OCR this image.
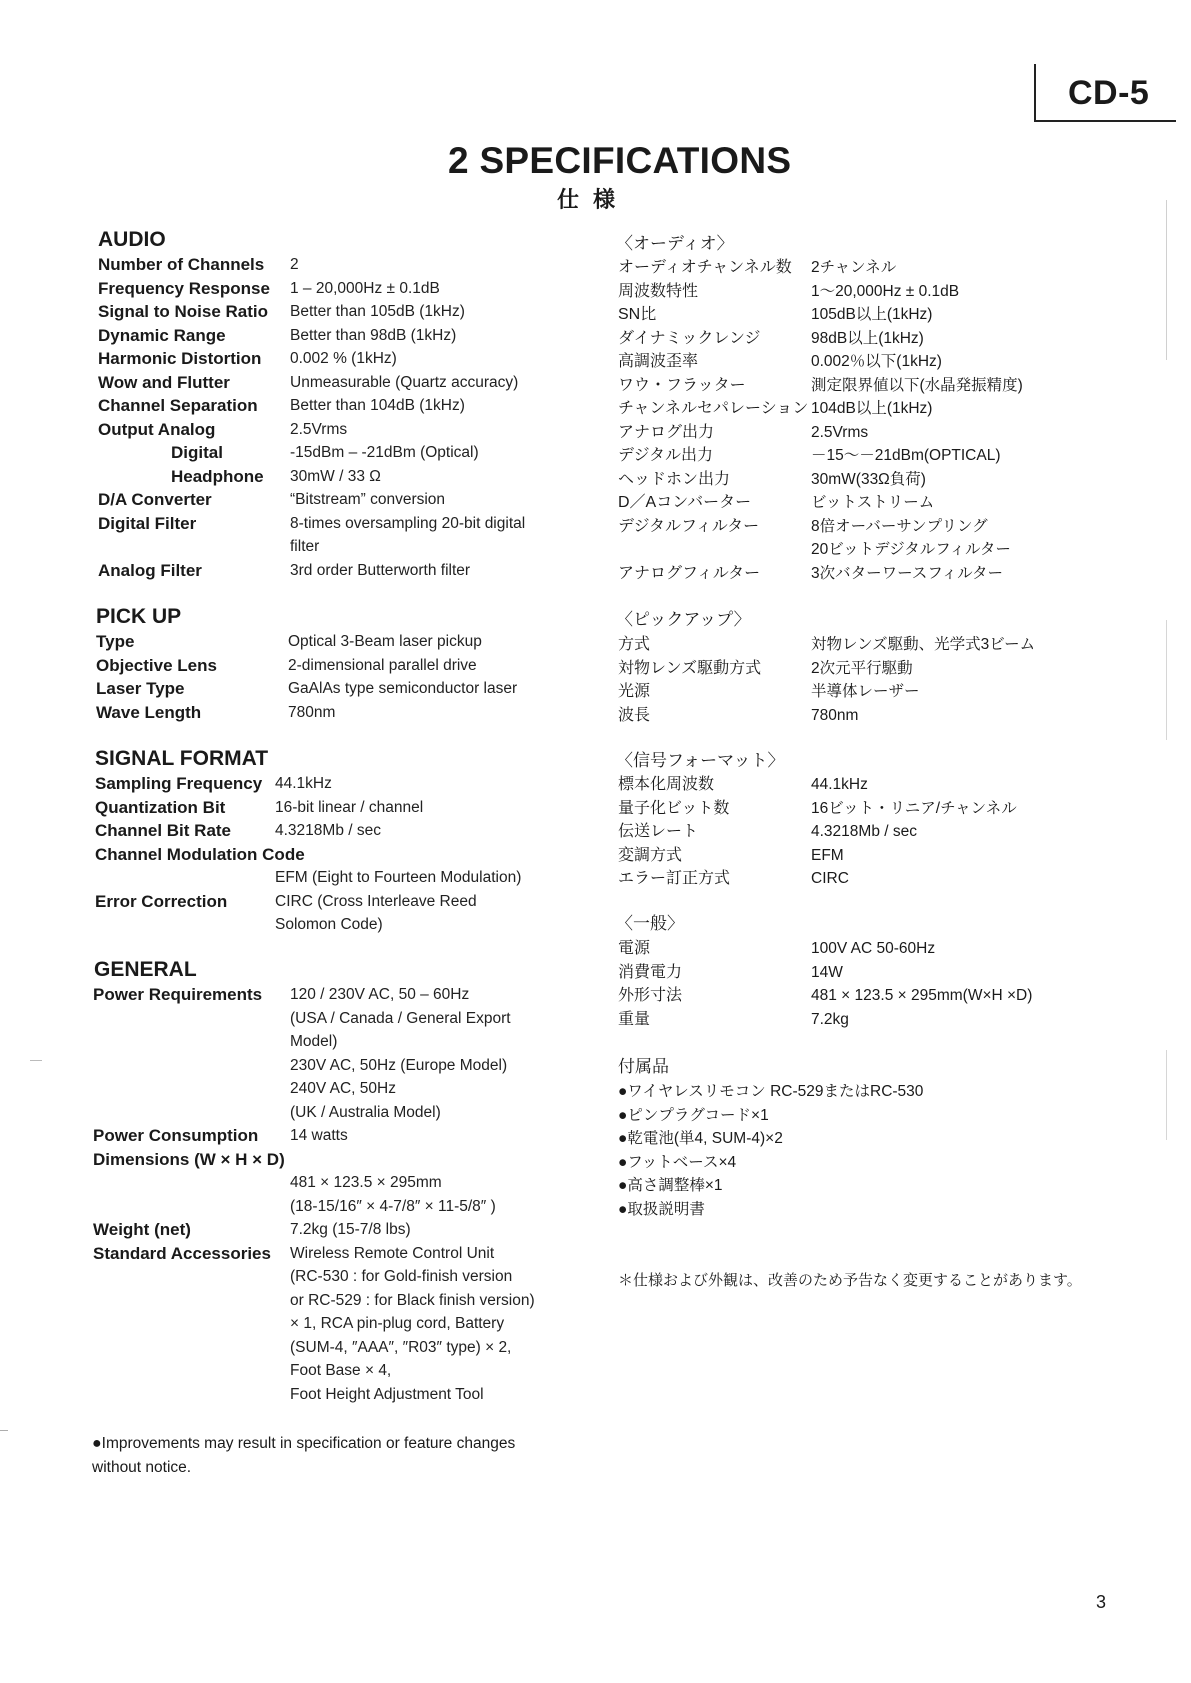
CD-5
2 SPECIFICATIONS
仕様
AUDIO
Number of Channels	2
Frequency Response	1 – 20,000Hz ± 0.1dB
Signal to Noise Ratio	Better than 105dB (1kHz)
Dynamic Range	Better than 98dB (1kHz)
Harmonic Distortion	0.002 % (1kHz)
Wow and Flutter	Unmeasurable (Quartz accuracy)
Channel Separation	Better than 104dB (1kHz)
Output Analog	2.5Vrms
Digital	-15dBm – -21dBm (Optical)
Headphone	30mW / 33 Ω
D/A Converter	“Bitstream” conversion
Digital Filter	8-times oversampling 20-bit digital
filter
Analog Filter	3rd order Butterworth filter
PICK UP
Type	Optical 3-Beam laser pickup
Objective Lens	2-dimensional parallel drive
Laser Type	GaAlAs type semiconductor laser
Wave Length	780nm
SIGNAL FORMAT
Sampling Frequency 44.1kHz
Quantization Bit	16-bit linear / channel
Channel Bit Rate	4.3218Mb / sec
Channel Modulation Code
EFM (Eight to Fourteen Modulation)
Error Correction	CIRC (Cross Interleave Reed
Solomon Code)
GENERAL
Power Requirements	120 / 230V AC, 50 – 60Hz
(USA / Canada / General Export
Model)
230V AC, 50Hz (Europe Model)
240V AC, 50Hz
(UK / Australia Model)
Power Consumption	14 watts
Dimensions (W × H × D)
481 × 123.5 × 295mm
(18-15/16″ × 4-7/8″ × 11-5/8″ )
Weight (net)	7.2kg (15-7/8 lbs)
Standard Accessories	Wireless Remote Control Unit
(RC-530 : for Gold-finish version
or RC-529 : for Black finish version)
× 1, RCA pin-plug cord, Battery
(SUM-4, ″AAA″, ″R03″ type) × 2,
Foot Base × 4,
Foot Height Adjustment Tool
●Improvements may result in specification or feature changes without notice.
〈オーディオ〉
オーディオチャンネル数	2チャンネル
周波数特性	1～20,000Hz ± 0.1dB
SN比	105dB以上(1kHz)
ダイナミックレンジ	98dB以上(1kHz)
高調波歪率	0.002％以下(1kHz)
ワウ・フラッター	測定限界値以下(水晶発振精度)
チャンネルセパレーション 104dB以上(1kHz)
アナログ出力	2.5Vrms
デジタル出力	－15～－21dBm(OPTICAL)
ヘッドホン出力	30mW(33Ω負荷)
D／Aコンバーター	ビットストリーム
デジタルフィルター	8倍オーバーサンプリング
20ビットデジタルフィルター
アナログフィルター	3次バターワースフィルター
〈ピックアップ〉
方式	対物レンズ駆動、光学式3ビーム
対物レンズ駆動方式	2次元平行駆動
光源	半導体レーザー
波長	780nm
〈信号フォーマット〉
標本化周波数	44.1kHz
量子化ビット数	16ビット・リニア/チャンネル
伝送レート	4.3218Mb / sec
変調方式	EFM
エラー訂正方式	CIRC
〈一般〉
電源	100V AC 50-60Hz
消費電力	14W
外形寸法	481 × 123.5 × 295mm(W×H ×D)
重量	7.2kg
付属品
●ワイヤレスリモコン RC-529またはRC-530
●ピンプラグコード×1
●乾電池(単4, SUM-4)×2
●フットベース×4
●高さ調整棒×1
●取扱説明書
＊仕様および外観は、改善のため予告なく変更することがあります。
3
